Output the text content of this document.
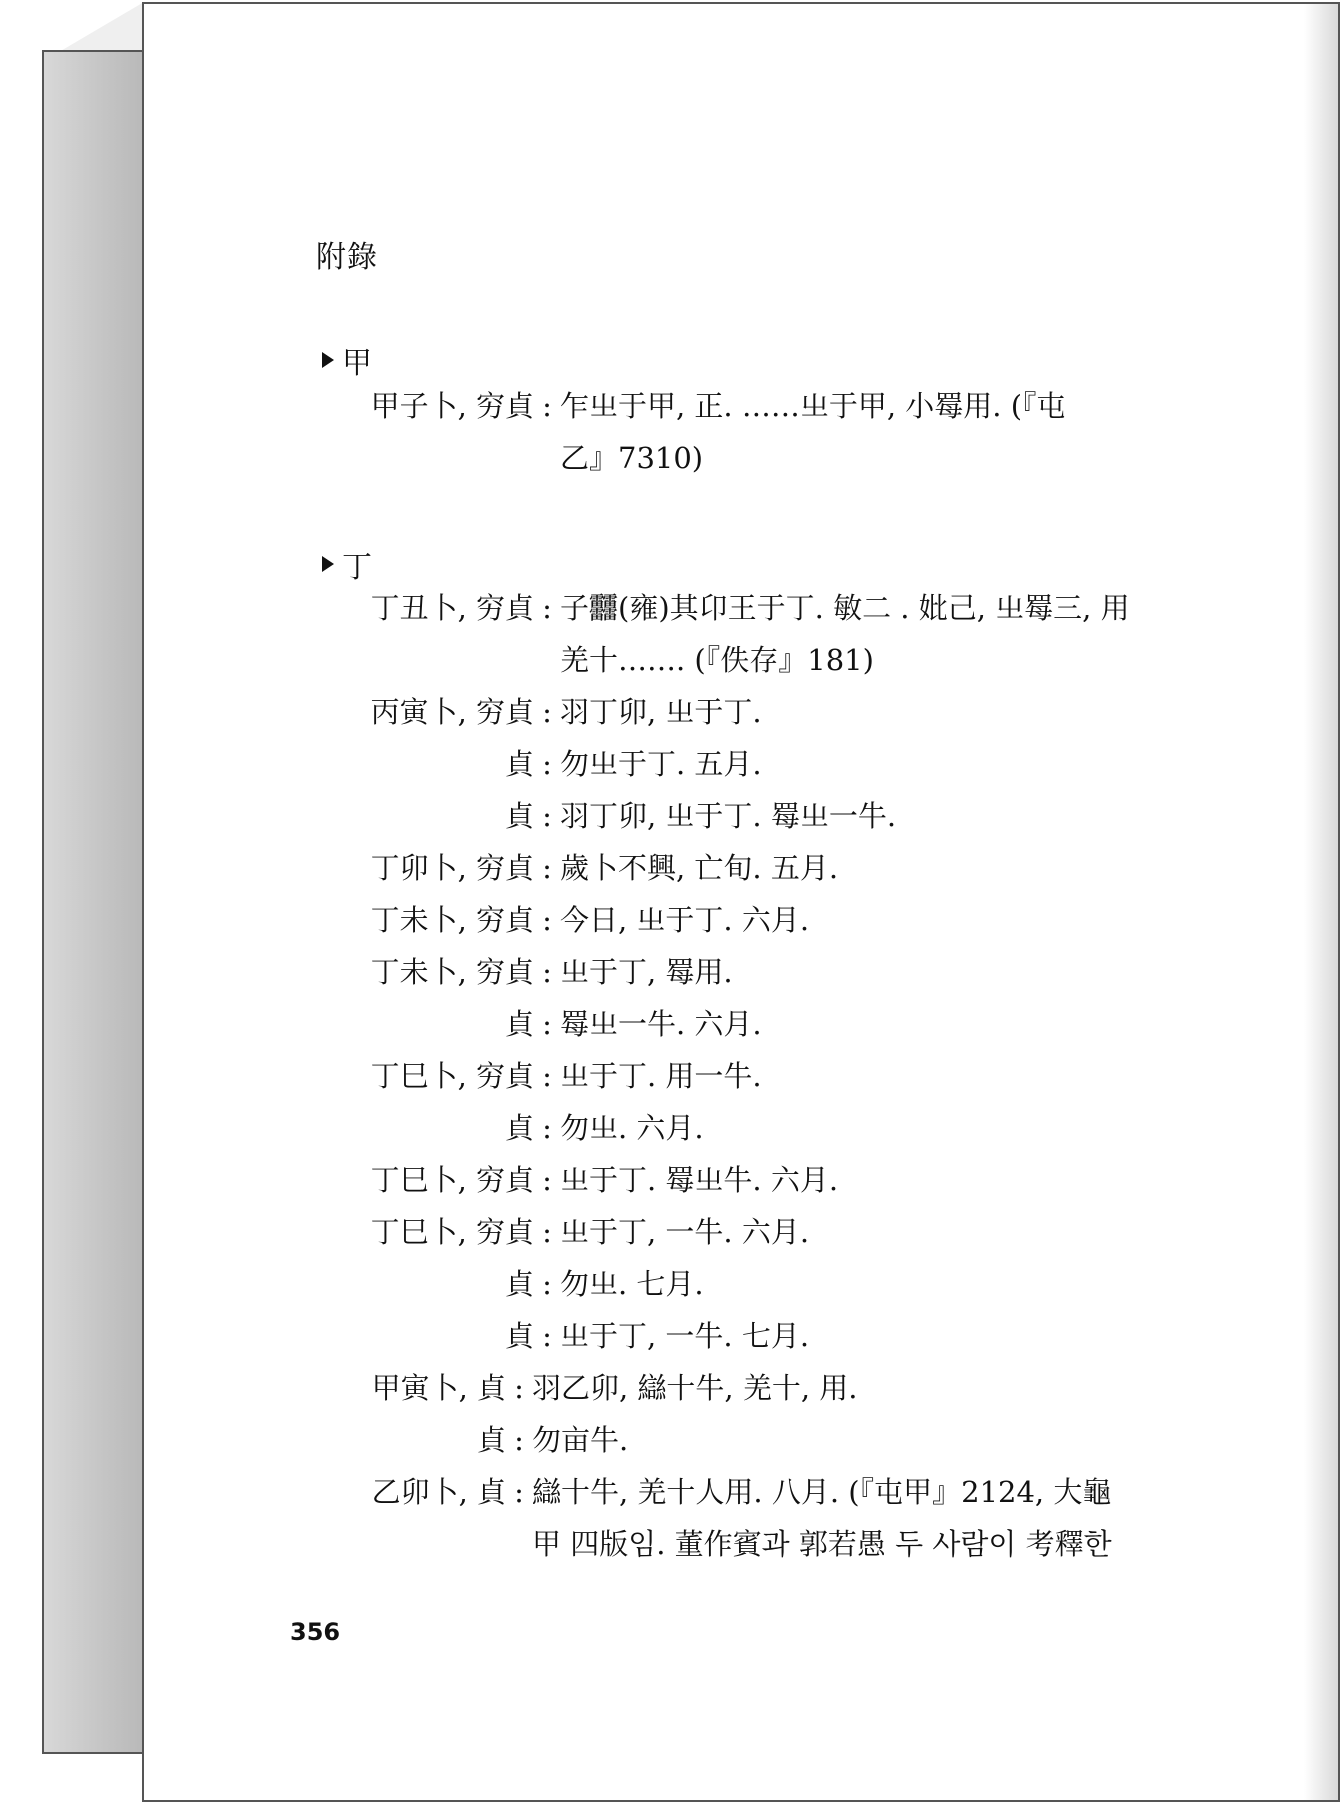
附錄
甲
甲子卜, 穷貞 : 乍㞢于甲, 正. ……㞢于甲, 小䍙用. (『屯
乙』7310)
丁
丁丑卜, 穷貞 : 子䨻(雍)其卬王于丁. 敏二 . 妣己, 㞢䍙三, 用
羌十……. (『佚存』181)
丙寅卜, 穷貞 : 羽丁卯, 㞢于丁.
貞 : 勿㞢于丁. 五月.
貞 : 羽丁卯, 㞢于丁. 䍙㞢一牛.
丁卯卜, 穷貞 : 歲卜不興, 亡旬. 五月.
丁未卜, 穷貞 : 今日, 㞢于丁. 六月.
丁未卜, 穷貞 : 㞢于丁, 䍙用.
貞 : 䍙㞢一牛. 六月.
丁巳卜, 穷貞 : 㞢于丁. 用一牛.
貞 : 勿㞢. 六月.
丁巳卜, 穷貞 : 㞢于丁. 䍙㞢牛. 六月.
丁巳卜, 穷貞 : 㞢于丁, 一牛. 六月.
貞 : 勿㞢. 七月.
貞 : 㞢于丁, 一牛. 七月.
甲寅卜, 貞 : 羽乙卯, 䜌十牛, 羌十, 用.
貞 : 勿亩牛.
乙卯卜, 貞 : 䜌十牛, 羌十人用. 八月. (『屯甲』2124, 大龜
甲 四版임. 董作賓과 郭若愚 두 사람이 考釋한
356
